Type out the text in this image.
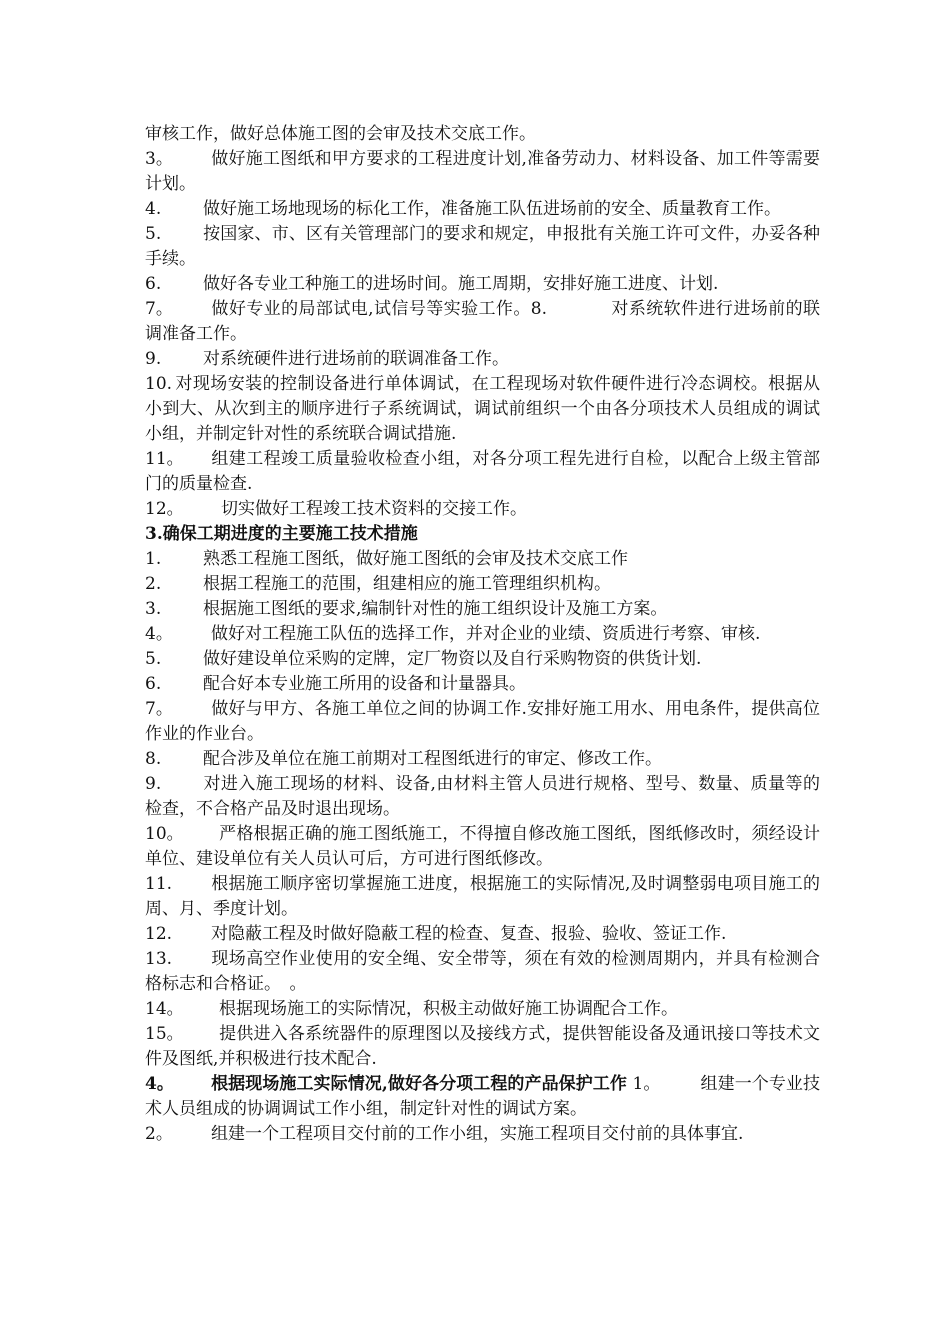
审核工作，做好总体施工图的会审及技术交底工作。

3。 做好施工图纸和甲方要求的工程进度计划,准备劳动力、材料设备、加工件等需要计划。

4. 做好施工场地现场的标化工作，准备施工队伍进场前的安全、质量教育工作。

5. 按国家、市、区有关管理部门的要求和规定，申报批有关施工许可文件，办妥各种手续。

6. 做好各专业工种施工的进场时间。施工周期，安排好施工进度、计划.

7。 做好专业的局部试电,试信号等实验工作。8.	对系统软件进行进场前的联调准备工作。

9. 对系统硬件进行进场前的联调准备工作。

10. 对现场安装的控制设备进行单体调试，在工程现场对软件硬件进行冷态调校。根据从小到大、从次到主的顺序进行子系统调试，调试前组织一个由各分项技术人员组成的调试小组，并制定针对性的系统联合调试措施.

11。 组建工程竣工质量验收检查小组，对各分项工程先进行自检，以配合上级主管部门的质量检查.

12。 切实做好工程竣工技术资料的交接工作。

3.确保工期进度的主要施工技术措施

1. 熟悉工程施工图纸，做好施工图纸的会审及技术交底工作

2. 根据工程施工的范围，组建相应的施工管理组织机构。

3. 根据施工图纸的要求,编制针对性的施工组织设计及施工方案。

4。 做好对工程施工队伍的选择工作，并对企业的业绩、资质进行考察、审核.

5. 做好建设单位采购的定牌，定厂物资以及自行采购物资的供货计划.

6. 配合好本专业施工所用的设备和计量器具。

7。 做好与甲方、各施工单位之间的协调工作.安排好施工用水、用电条件，提供高位作业的作业台。

8. 配合涉及单位在施工前期对工程图纸进行的审定、修改工作。

9. 对进入施工现场的材料、设备,由材料主管人员进行规格、型号、数量、质量等的检查，不合格产品及时退出现场。

10。 严格根据正确的施工图纸施工，不得擅自修改施工图纸，图纸修改时，须经设计单位、建设单位有关人员认可后，方可进行图纸修改。

11. 根据施工顺序密切掌握施工进度，根据施工的实际情况,及时调整弱电项目施工的周、月、季度计划。

12. 对隐蔽工程及时做好隐蔽工程的检查、复查、报验、验收、签证工作.

13. 现场高空作业使用的安全绳、安全带等，须在有效的检测周期内，并具有检测合格标志和合格证。　。

14。 根据现场施工的实际情况，积极主动做好施工协调配合工作。

15。 提供进入各系统器件的原理图以及接线方式，提供智能设备及通讯接口等技术文件及图纸,并积极进行技术配合.

4。 根据现场施工实际情况,做好各分项工程的产品保护工作 1。 组建一个专业技术人员组成的协调调试工作小组，制定针对性的调试方案。

2。 组建一个工程项目交付前的工作小组，实施工程项目交付前的具体事宜.
